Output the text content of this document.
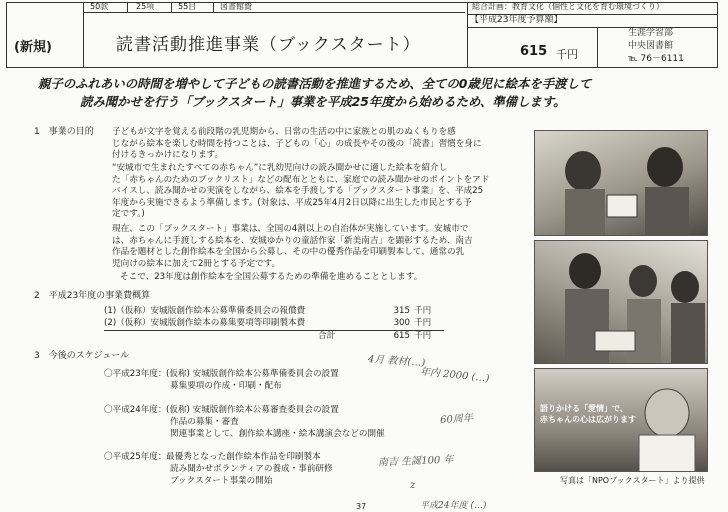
50款	25項	55目	図書館費
(新規)	読書活動推進事業（ブックスタート）
総合計画：教育文化（個性と文化を育む環境づくり）
【平成23年度予算額】
615 千円
生涯学習部
中央図書館
℡ 76－6111
親子のふれあいの時間を増やして子どもの読書活動を推進するため、全ての0歳児に絵本を手渡して
読み聞かせを行う「ブックスタート」事業を平成25年度から始めるため、準備します。
1　事業の目的 子どもが文字を覚える前段階の乳児期から、日常の生活の中に家族との肌のぬくもりを感
じながら絵本を楽しむ時間を持つことは、子どもの「心」の成長やその後の「読書」習慣を身に
付けるきっかけになります。
“安城市で生まれたすべての赤ちゃん”に乳幼児向けの読み聞かせに適した絵本を紹介し
た「赤ちゃんのためのブックリスト」などの配布とともに、家庭での読み聞かせのポイントをアド
バイスし、読み聞かせの実演をしながら、絵本を手渡しする「ブックスタート事業」を、平成25
年度から実施できるよう準備します。(対象は、平成25年4月2日以降に出生した市民とする予
定です。)
現在、この「ブックスタート」事業は、全国の4割以上の自治体が実施しています。安城市で
は、赤ちゃんに手渡しする絵本を、安城ゆかりの童話作家「新美南吉」を顕彰するため、南吉
作品を題材とした創作絵本を全国から公募し、その中の優秀作品を印刷製本して、通常の乳
児向けの絵本に加えて2冊とする予定です。
そこで、23年度は創作絵本を全国公募するための準備を進めることとします。
2　平成23年度の事業費概算
(1)（仮称）安城版創作絵本公募準備委員会の報償費	315 千円
(2)（仮称）安城版創作絵本の募集要項等印刷製本費	300 千円
合計	615 千円
3　今後のスケジュール
〇平成23年度： (仮称) 安城版創作絵本公募準備委員会の設置
募集要項の作成・印刷・配布
〇平成24年度： (仮称) 安城版創作絵本公募審査委員会の設置
作品の募集・審査
関連事業として、創作絵本講座・絵本講演会などの開催
〇平成25年度： 最優秀となった創作絵本作品を印刷製本
読み聞かせボランティアの養成・事前研修
ブックスタート事業の開始
4月 教材(…)
年内 2000 (…)
60周年
南吉 生誕100 年
平成24年度 (…)
z
語りかける「愛情」で、
赤ちゃんの心は広がります
写真は「NPOブックスタート」より提供
37
